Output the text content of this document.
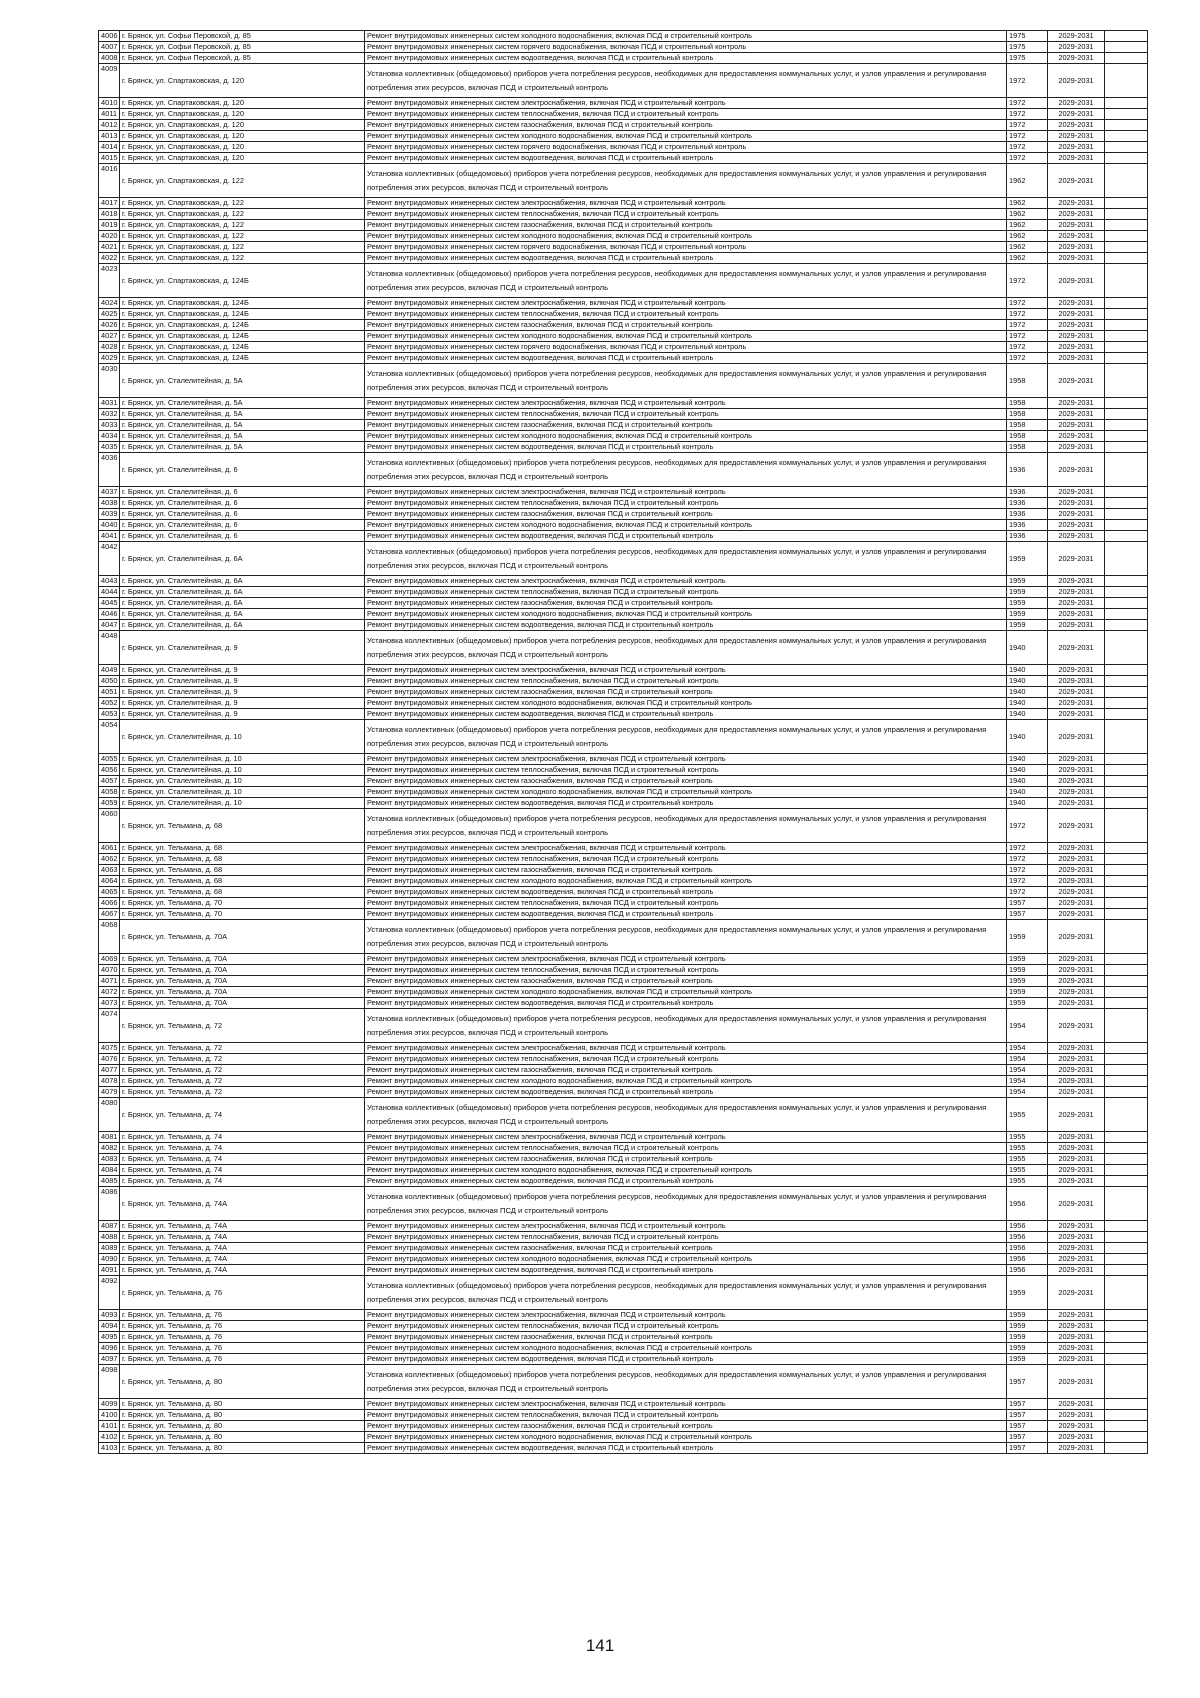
4006	г. Брянск, ул. Софьи Перовской, д. 85	Ремонт внутридомовых инженерных систем холодного водоснабжения, включая ПСД и строительный контроль	1975	2029-2031	
4007	г. Брянск, ул. Софьи Перовской, д. 85	Ремонт внутридомовых инженерных систем горячего водоснабжения, включая ПСД и строительный контроль	1975	2029-2031	
4008	г. Брянск, ул. Софьи Перовской, д. 85	Ремонт внутридомовых инженерных систем водоотведения, включая ПСД и строительный контроль	1975	2029-2031	
4009	г. Брянск, ул. Спартаковская, д. 120	Установка коллективных (общедомовых) приборов учета потребления ресурсов, необходимых для предоставления коммунальных услуг, и узлов управления и регулирования потребления этих ресурсов, включая ПСД и строительный контроль	1972	2029-2031	
4010	г. Брянск, ул. Спартаковская, д. 120	Ремонт внутридомовых инженерных систем электроснабжения, включая ПСД и строительный контроль	1972	2029-2031	
4011	г. Брянск, ул. Спартаковская, д. 120	Ремонт внутридомовых инженерных систем теплоснабжения, включая ПСД и строительный контроль	1972	2029-2031	
4012	г. Брянск, ул. Спартаковская, д. 120	Ремонт внутридомовых инженерных систем газоснабжения, включая ПСД и строительный контроль	1972	2029-2031	
4013	г. Брянск, ул. Спартаковская, д. 120	Ремонт внутридомовых инженерных систем холодного водоснабжения, включая ПСД и строительный контроль	1972	2029-2031	
4014	г. Брянск, ул. Спартаковская, д. 120	Ремонт внутридомовых инженерных систем горячего водоснабжения, включая ПСД и строительный контроль	1972	2029-2031	
4015	г. Брянск, ул. Спартаковская, д. 120	Ремонт внутридомовых инженерных систем водоотведения, включая ПСД и строительный контроль	1972	2029-2031	
4016	г. Брянск, ул. Спартаковская, д. 122	Установка коллективных (общедомовых) приборов учета потребления ресурсов, необходимых для предоставления коммунальных услуг, и узлов управления и регулирования потребления этих ресурсов, включая ПСД и строительный контроль	1962	2029-2031	
4017	г. Брянск, ул. Спартаковская, д. 122	Ремонт внутридомовых инженерных систем электроснабжения, включая ПСД и строительный контроль	1962	2029-2031	
4018	г. Брянск, ул. Спартаковская, д. 122	Ремонт внутридомовых инженерных систем теплоснабжения, включая ПСД и строительный контроль	1962	2029-2031	
4019	г. Брянск, ул. Спартаковская, д. 122	Ремонт внутридомовых инженерных систем газоснабжения, включая ПСД и строительный контроль	1962	2029-2031	
4020	г. Брянск, ул. Спартаковская, д. 122	Ремонт внутридомовых инженерных систем холодного водоснабжения, включая ПСД и строительный контроль	1962	2029-2031	
4021	г. Брянск, ул. Спартаковская, д. 122	Ремонт внутридомовых инженерных систем горячего водоснабжения, включая ПСД и строительный контроль	1962	2029-2031	
4022	г. Брянск, ул. Спартаковская, д. 122	Ремонт внутридомовых инженерных систем водоотведения, включая ПСД и строительный контроль	1962	2029-2031	
4023	г. Брянск, ул. Спартаковская, д. 124Б	Установка коллективных (общедомовых) приборов учета потребления ресурсов, необходимых для предоставления коммунальных услуг, и узлов управления и регулирования потребления этих ресурсов, включая ПСД и строительный контроль	1972	2029-2031	
4024	г. Брянск, ул. Спартаковская, д. 124Б	Ремонт внутридомовых инженерных систем электроснабжения, включая ПСД и строительный контроль	1972	2029-2031	
4025	г. Брянск, ул. Спартаковская, д. 124Б	Ремонт внутридомовых инженерных систем теплоснабжения, включая ПСД и строительный контроль	1972	2029-2031	
4026	г. Брянск, ул. Спартаковская, д. 124Б	Ремонт внутридомовых инженерных систем газоснабжения, включая ПСД и строительный контроль	1972	2029-2031	
4027	г. Брянск, ул. Спартаковская, д. 124Б	Ремонт внутридомовых инженерных систем холодного водоснабжения, включая ПСД и строительный контроль	1972	2029-2031	
4028	г. Брянск, ул. Спартаковская, д. 124Б	Ремонт внутридомовых инженерных систем горячего водоснабжения, включая ПСД и строительный контроль	1972	2029-2031	
4029	г. Брянск, ул. Спартаковская, д. 124Б	Ремонт внутридомовых инженерных систем водоотведения, включая ПСД и строительный контроль	1972	2029-2031	
4030	г. Брянск, ул. Сталелитейная, д. 5А	Установка коллективных (общедомовых) приборов учета потребления ресурсов, необходимых для предоставления коммунальных услуг, и узлов управления и регулирования потребления этих ресурсов, включая ПСД и строительный контроль	1958	2029-2031	
4031	г. Брянск, ул. Сталелитейная, д. 5А	Ремонт внутридомовых инженерных систем электроснабжения, включая ПСД и строительный контроль	1958	2029-2031	
4032	г. Брянск, ул. Сталелитейная, д. 5А	Ремонт внутридомовых инженерных систем теплоснабжения, включая ПСД и строительный контроль	1958	2029-2031	
4033	г. Брянск, ул. Сталелитейная, д. 5А	Ремонт внутридомовых инженерных систем газоснабжения, включая ПСД и строительный контроль	1958	2029-2031	
4034	г. Брянск, ул. Сталелитейная, д. 5А	Ремонт внутридомовых инженерных систем холодного водоснабжения, включая ПСД и строительный контроль	1958	2029-2031	
4035	г. Брянск, ул. Сталелитейная, д. 5А	Ремонт внутридомовых инженерных систем водоотведения, включая ПСД и строительный контроль	1958	2029-2031	
4036	г. Брянск, ул. Сталелитейная, д. 6	Установка коллективных (общедомовых) приборов учета потребления ресурсов, необходимых для предоставления коммунальных услуг, и узлов управления и регулирования потребления этих ресурсов, включая ПСД и строительный контроль	1936	2029-2031	
4037	г. Брянск, ул. Сталелитейная, д. 6	Ремонт внутридомовых инженерных систем электроснабжения, включая ПСД и строительный контроль	1936	2029-2031	
4038	г. Брянск, ул. Сталелитейная, д. 6	Ремонт внутридомовых инженерных систем теплоснабжения, включая ПСД и строительный контроль	1936	2029-2031	
4039	г. Брянск, ул. Сталелитейная, д. 6	Ремонт внутридомовых инженерных систем газоснабжения, включая ПСД и строительный контроль	1936	2029-2031	
4040	г. Брянск, ул. Сталелитейная, д. 6	Ремонт внутридомовых инженерных систем холодного водоснабжения, включая ПСД и строительный контроль	1936	2029-2031	
4041	г. Брянск, ул. Сталелитейная, д. 6	Ремонт внутридомовых инженерных систем водоотведения, включая ПСД и строительный контроль	1936	2029-2031	
4042	г. Брянск, ул. Сталелитейная, д. 6А	Установка коллективных (общедомовых) приборов учета потребления ресурсов, необходимых для предоставления коммунальных услуг, и узлов управления и регулирования потребления этих ресурсов, включая ПСД и строительный контроль	1959	2029-2031	
4043	г. Брянск, ул. Сталелитейная, д. 6А	Ремонт внутридомовых инженерных систем электроснабжения, включая ПСД и строительный контроль	1959	2029-2031	
4044	г. Брянск, ул. Сталелитейная, д. 6А	Ремонт внутридомовых инженерных систем теплоснабжения, включая ПСД и строительный контроль	1959	2029-2031	
4045	г. Брянск, ул. Сталелитейная, д. 6А	Ремонт внутридомовых инженерных систем газоснабжения, включая ПСД и строительный контроль	1959	2029-2031	
4046	г. Брянск, ул. Сталелитейная, д. 6А	Ремонт внутридомовых инженерных систем холодного водоснабжения, включая ПСД и строительный контроль	1959	2029-2031	
4047	г. Брянск, ул. Сталелитейная, д. 6А	Ремонт внутридомовых инженерных систем водоотведения, включая ПСД и строительный контроль	1959	2029-2031	
4048	г. Брянск, ул. Сталелитейная, д. 9	Установка коллективных (общедомовых) приборов учета потребления ресурсов, необходимых для предоставления коммунальных услуг, и узлов управления и регулирования потребления этих ресурсов, включая ПСД и строительный контроль	1940	2029-2031	
4049	г. Брянск, ул. Сталелитейная, д. 9	Ремонт внутридомовых инженерных систем электроснабжения, включая ПСД и строительный контроль	1940	2029-2031	
4050	г. Брянск, ул. Сталелитейная, д. 9	Ремонт внутридомовых инженерных систем теплоснабжения, включая ПСД и строительный контроль	1940	2029-2031	
4051	г. Брянск, ул. Сталелитейная, д. 9	Ремонт внутридомовых инженерных систем газоснабжения, включая ПСД и строительный контроль	1940	2029-2031	
4052	г. Брянск, ул. Сталелитейная, д. 9	Ремонт внутридомовых инженерных систем холодного водоснабжения, включая ПСД и строительный контроль	1940	2029-2031	
4053	г. Брянск, ул. Сталелитейная, д. 9	Ремонт внутридомовых инженерных систем водоотведения, включая ПСД и строительный контроль	1940	2029-2031	
4054	г. Брянск, ул. Сталелитейная, д. 10	Установка коллективных (общедомовых) приборов учета потребления ресурсов, необходимых для предоставления коммунальных услуг, и узлов управления и регулирования потребления этих ресурсов, включая ПСД и строительный контроль	1940	2029-2031	
4055	г. Брянск, ул. Сталелитейная, д. 10	Ремонт внутридомовых инженерных систем электроснабжения, включая ПСД и строительный контроль	1940	2029-2031	
4056	г. Брянск, ул. Сталелитейная, д. 10	Ремонт внутридомовых инженерных систем теплоснабжения, включая ПСД и строительный контроль	1940	2029-2031	
4057	г. Брянск, ул. Сталелитейная, д. 10	Ремонт внутридомовых инженерных систем газоснабжения, включая ПСД и строительный контроль	1940	2029-2031	
4058	г. Брянск, ул. Сталелитейная, д. 10	Ремонт внутридомовых инженерных систем холодного водоснабжения, включая ПСД и строительный контроль	1940	2029-2031	
4059	г. Брянск, ул. Сталелитейная, д. 10	Ремонт внутридомовых инженерных систем водоотведения, включая ПСД и строительный контроль	1940	2029-2031	
4060	г. Брянск, ул. Тельмана, д. 68	Установка коллективных (общедомовых) приборов учета потребления ресурсов, необходимых для предоставления коммунальных услуг, и узлов управления и регулирования потребления этих ресурсов, включая ПСД и строительный контроль	1972	2029-2031	
4061	г. Брянск, ул. Тельмана, д. 68	Ремонт внутридомовых инженерных систем электроснабжения, включая ПСД и строительный контроль	1972	2029-2031	
4062	г. Брянск, ул. Тельмана, д. 68	Ремонт внутридомовых инженерных систем теплоснабжения, включая ПСД и строительный контроль	1972	2029-2031	
4063	г. Брянск, ул. Тельмана, д. 68	Ремонт внутридомовых инженерных систем газоснабжения, включая ПСД и строительный контроль	1972	2029-2031	
4064	г. Брянск, ул. Тельмана, д. 68	Ремонт внутридомовых инженерных систем холодного водоснабжения, включая ПСД и строительный контроль	1972	2029-2031	
4065	г. Брянск, ул. Тельмана, д. 68	Ремонт внутридомовых инженерных систем водоотведения, включая ПСД и строительный контроль	1972	2029-2031	
4066	г. Брянск, ул. Тельмана, д. 70	Ремонт внутридомовых инженерных систем теплоснабжения, включая ПСД и строительный контроль	1957	2029-2031	
4067	г. Брянск, ул. Тельмана, д. 70	Ремонт внутридомовых инженерных систем водоотведения, включая ПСД и строительный контроль	1957	2029-2031	
4068	г. Брянск, ул. Тельмана, д. 70А	Установка коллективных (общедомовых) приборов учета потребления ресурсов, необходимых для предоставления коммунальных услуг, и узлов управления и регулирования потребления этих ресурсов, включая ПСД и строительный контроль	1959	2029-2031	
4069	г. Брянск, ул. Тельмана, д. 70А	Ремонт внутридомовых инженерных систем электроснабжения, включая ПСД и строительный контроль	1959	2029-2031	
4070	г. Брянск, ул. Тельмана, д. 70А	Ремонт внутридомовых инженерных систем теплоснабжения, включая ПСД и строительный контроль	1959	2029-2031	
4071	г. Брянск, ул. Тельмана, д. 70А	Ремонт внутридомовых инженерных систем газоснабжения, включая ПСД и строительный контроль	1959	2029-2031	
4072	г. Брянск, ул. Тельмана, д. 70А	Ремонт внутридомовых инженерных систем холодного водоснабжения, включая ПСД и строительный контроль	1959	2029-2031	
4073	г. Брянск, ул. Тельмана, д. 70А	Ремонт внутридомовых инженерных систем водоотведения, включая ПСД и строительный контроль	1959	2029-2031	
4074	г. Брянск, ул. Тельмана, д. 72	Установка коллективных (общедомовых) приборов учета потребления ресурсов, необходимых для предоставления коммунальных услуг, и узлов управления и регулирования потребления этих ресурсов, включая ПСД и строительный контроль	1954	2029-2031	
4075	г. Брянск, ул. Тельмана, д. 72	Ремонт внутридомовых инженерных систем электроснабжения, включая ПСД и строительный контроль	1954	2029-2031	
4076	г. Брянск, ул. Тельмана, д. 72	Ремонт внутридомовых инженерных систем теплоснабжения, включая ПСД и строительный контроль	1954	2029-2031	
4077	г. Брянск, ул. Тельмана, д. 72	Ремонт внутридомовых инженерных систем газоснабжения, включая ПСД и строительный контроль	1954	2029-2031	
4078	г. Брянск, ул. Тельмана, д. 72	Ремонт внутридомовых инженерных систем холодного водоснабжения, включая ПСД и строительный контроль	1954	2029-2031	
4079	г. Брянск, ул. Тельмана, д. 72	Ремонт внутридомовых инженерных систем водоотведения, включая ПСД и строительный контроль	1954	2029-2031	
4080	г. Брянск, ул. Тельмана, д. 74	Установка коллективных (общедомовых) приборов учета потребления ресурсов, необходимых для предоставления коммунальных услуг, и узлов управления и регулирования потребления этих ресурсов, включая ПСД и строительный контроль	1955	2029-2031	
4081	г. Брянск, ул. Тельмана, д. 74	Ремонт внутридомовых инженерных систем электроснабжения, включая ПСД и строительный контроль	1955	2029-2031	
4082	г. Брянск, ул. Тельмана, д. 74	Ремонт внутридомовых инженерных систем теплоснабжения, включая ПСД и строительный контроль	1955	2029-2031	
4083	г. Брянск, ул. Тельмана, д. 74	Ремонт внутридомовых инженерных систем газоснабжения, включая ПСД и строительный контроль	1955	2029-2031	
4084	г. Брянск, ул. Тельмана, д. 74	Ремонт внутридомовых инженерных систем холодного водоснабжения, включая ПСД и строительный контроль	1955	2029-2031	
4085	г. Брянск, ул. Тельмана, д. 74	Ремонт внутридомовых инженерных систем водоотведения, включая ПСД и строительный контроль	1955	2029-2031	
4086	г. Брянск, ул. Тельмана, д. 74А	Установка коллективных (общедомовых) приборов учета потребления ресурсов, необходимых для предоставления коммунальных услуг, и узлов управления и регулирования потребления этих ресурсов, включая ПСД и строительный контроль	1956	2029-2031	
4087	г. Брянск, ул. Тельмана, д. 74А	Ремонт внутридомовых инженерных систем электроснабжения, включая ПСД и строительный контроль	1956	2029-2031	
4088	г. Брянск, ул. Тельмана, д. 74А	Ремонт внутридомовых инженерных систем теплоснабжения, включая ПСД и строительный контроль	1956	2029-2031	
4089	г. Брянск, ул. Тельмана, д. 74А	Ремонт внутридомовых инженерных систем газоснабжения, включая ПСД и строительный контроль	1956	2029-2031	
4090	г. Брянск, ул. Тельмана, д. 74А	Ремонт внутридомовых инженерных систем холодного водоснабжения, включая ПСД и строительный контроль	1956	2029-2031	
4091	г. Брянск, ул. Тельмана, д. 74А	Ремонт внутридомовых инженерных систем водоотведения, включая ПСД и строительный контроль	1956	2029-2031	
4092	г. Брянск, ул. Тельмана, д. 76	Установка коллективных (общедомовых) приборов учета потребления ресурсов, необходимых для предоставления коммунальных услуг, и узлов управления и регулирования потребления этих ресурсов, включая ПСД и строительный контроль	1959	2029-2031	
4093	г. Брянск, ул. Тельмана, д. 76	Ремонт внутридомовых инженерных систем электроснабжения, включая ПСД и строительный контроль	1959	2029-2031	
4094	г. Брянск, ул. Тельмана, д. 76	Ремонт внутридомовых инженерных систем теплоснабжения, включая ПСД и строительный контроль	1959	2029-2031	
4095	г. Брянск, ул. Тельмана, д. 76	Ремонт внутридомовых инженерных систем газоснабжения, включая ПСД и строительный контроль	1959	2029-2031	
4096	г. Брянск, ул. Тельмана, д. 76	Ремонт внутридомовых инженерных систем холодного водоснабжения, включая ПСД и строительный контроль	1959	2029-2031	
4097	г. Брянск, ул. Тельмана, д. 76	Ремонт внутридомовых инженерных систем водоотведения, включая ПСД и строительный контроль	1959	2029-2031	
4098	г. Брянск, ул. Тельмана, д. 80	Установка коллективных (общедомовых) приборов учета потребления ресурсов, необходимых для предоставления коммунальных услуг, и узлов управления и регулирования потребления этих ресурсов, включая ПСД и строительный контроль	1957	2029-2031	
4099	г. Брянск, ул. Тельмана, д. 80	Ремонт внутридомовых инженерных систем электроснабжения, включая ПСД и строительный контроль	1957	2029-2031	
4100	г. Брянск, ул. Тельмана, д. 80	Ремонт внутридомовых инженерных систем теплоснабжения, включая ПСД и строительный контроль	1957	2029-2031	
4101	г. Брянск, ул. Тельмана, д. 80	Ремонт внутридомовых инженерных систем газоснабжения, включая ПСД и строительный контроль	1957	2029-2031	
4102	г. Брянск, ул. Тельмана, д. 80	Ремонт внутридомовых инженерных систем холодного водоснабжения, включая ПСД и строительный контроль	1957	2029-2031	
4103	г. Брянск, ул. Тельмана, д. 80	Ремонт внутридомовых инженерных систем водоотведения, включая ПСД и строительный контроль	1957	2029-2031	
141
